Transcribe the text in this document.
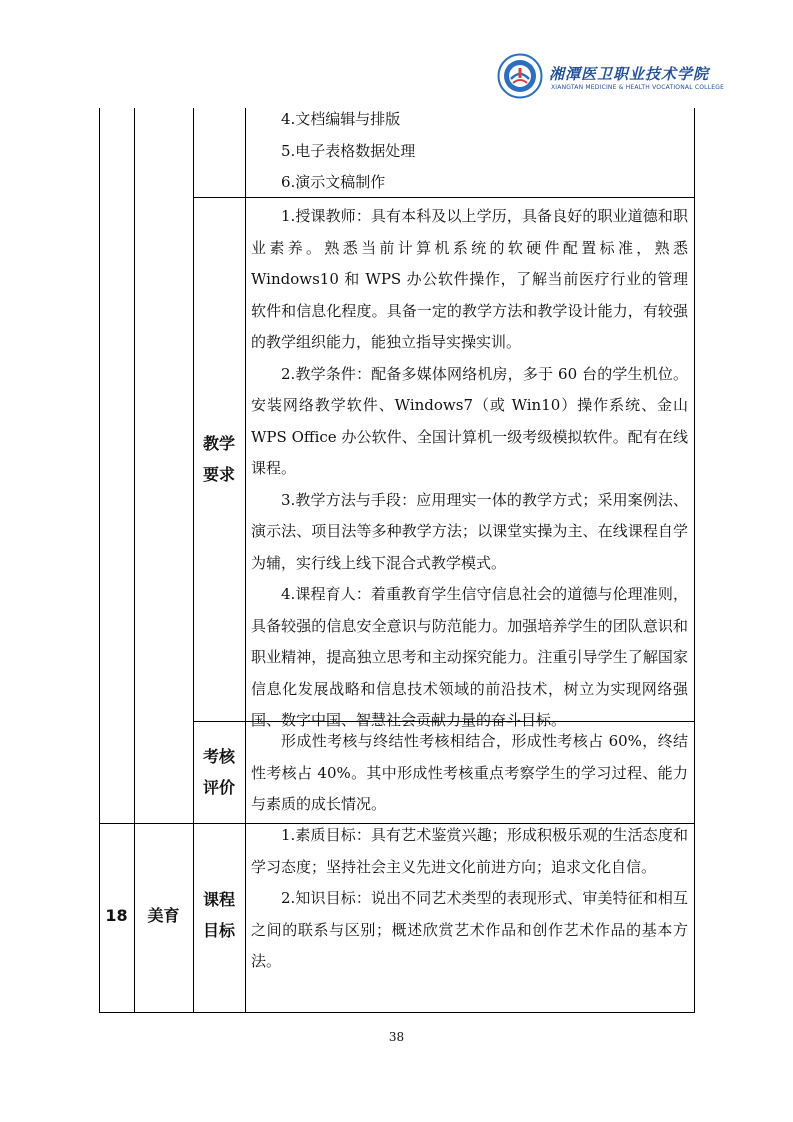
湘潭医卫职业技术学院
XIANGTAN MEDICINE & HEALTH VOCATIONAL COLLEGE
4.文档编辑与排版
5.电子表格数据处理
6.演示文稿制作
教学
要求

1.授课教师：具有本科及以上学历，具备良好的职业道德和职业素养。熟悉当前计算机系统的软硬件配置标准，熟悉Windows10 和 WPS 办公软件操作，了解当前医疗行业的管理软件和信息化程度。具备一定的教学方法和教学设计能力，有较强的教学组织能力，能独立指导实操实训。

2.教学条件：配备多媒体网络机房，多于 60 台的学生机位。安装网络教学软件、Windows7（或 Win10）操作系统、金山 WPS Office 办公软件、全国计算机一级考级模拟软件。配有在线课程。

3.教学方法与手段：应用理实一体的教学方式；采用案例法、演示法、项目法等多种教学方法；以课堂实操为主、在线课程自学为辅，实行线上线下混合式教学模式。

4.课程育人：着重教育学生信守信息社会的道德与伦理准则，具备较强的信息安全意识与防范能力。加强培养学生的团队意识和职业精神，提高独立思考和主动探究能力。注重引导学生了解国家信息化发展战略和信息技术领域的前沿技术，树立为实现网络强国、数字中国、智慧社会贡献力量的奋斗目标。

考核
评价

形成性考核与终结性考核相结合，形成性考核占 60%，终结性考核占 40%。其中形成性考核重点考察学生的学习过程、能力与素质的成长情况。

18	美育
课程
目标

1.素质目标：具有艺术鉴赏兴趣；形成积极乐观的生活态度和学习态度；坚持社会主义先进文化前进方向；追求文化自信。

2.知识目标：说出不同艺术类型的表现形式、审美特征和相互之间的联系与区别；概述欣赏艺术作品和创作艺术作品的基本方法。

38
